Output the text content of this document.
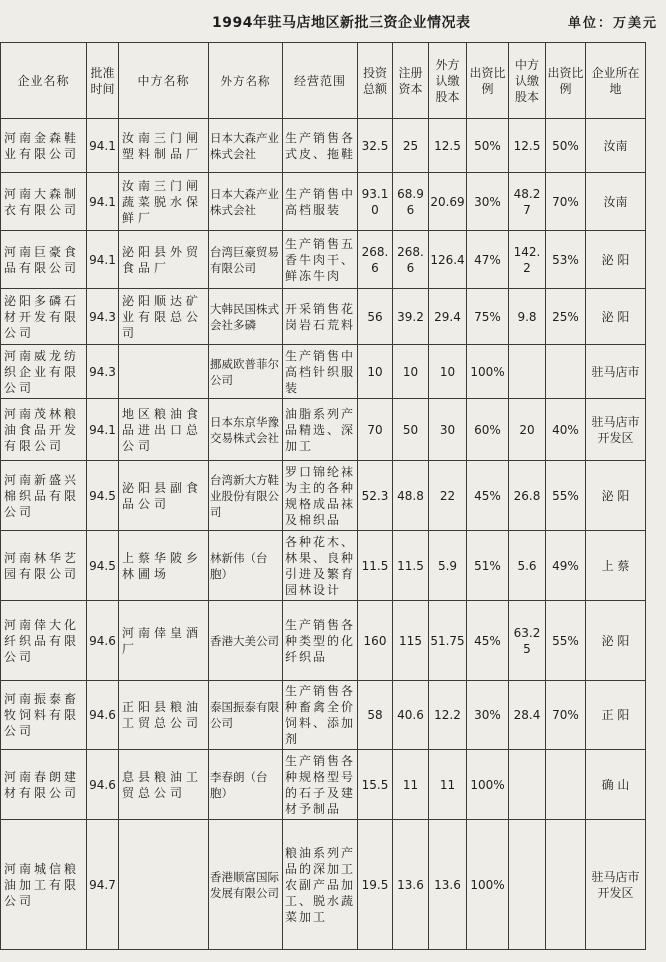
1994年驻马店地区新批三资企业情况表	单位：万美元
企业名称	批准时间	中方名称	外方名称	经营范围	投资总额	注册资本	外方认缴股本	出资比例	中方认缴股本	出资比例	企业所在地
河南金森鞋业有限公司	94.1	汝南三门闸塑料制品厂	日本大森产业株式会社	生产销售各式皮、拖鞋	32.5	25	12.5	50%	12.5	50%	汝南
河南大森制衣有限公司	94.1	汝南三门闸蔬菜脱水保鲜厂	日本大森产业株式会社	生产销售中高档服装	93.10	68.96	20.69	30%	48.27	70%	汝南
河南巨豪食品有限公司	94.1	泌阳县外贸食品厂	台湾巨豪贸易有限公司	生产销售五香牛肉干、鲜冻牛肉	268.6	268.6	126.4	47%	142.2	53%	泌 阳
泌阳多磷石材开发有限公司	94.3	泌阳顺达矿业有限总公司	大韩民国株式会社多磷	开采销售花岗岩石荒料	56	39.2	29.4	75%	9.8	25%	泌 阳
河南威龙纺织企业有限公司	94.3		挪威欧普菲尔公司	生产销售中高档针织服装	10	10	10	100%			驻马店市
河南茂林粮油食品开发有限公司	94.1	地区粮油食品进出口总公司	日本东京华豫交易株式会社	油脂系列产品精选、深加工	70	50	30	60%	20	40%	驻马店市开发区
河南新盛兴棉织品有限公司	94.5	泌阳县副食品公司	台湾新大方鞋业股份有限公司	罗口锦纶袜为主的各种规格成品袜及棉织品	52.3	48.8	22	45%	26.8	55%	泌 阳
河南林华艺园有限公司	94.5	上蔡华陂乡林圃场	林新伟（台胞）	各种花木、林果、良种引进及繁育园林设计	11.5	11.5	5.9	51%	5.6	49%	上 蔡
河南倖大化纤织品有限公司	94.6	河南倖皇酒厂	香港大美公司	生产销售各种类型的化纤织品	160	115	51.75	45%	63.25	55%	泌 阳
河南振泰畜牧饲料有限公司	94.6	正阳县粮油工贸总公司	泰国振泰有限公司	生产销售各种畜禽全价饲料、添加剂	58	40.6	12.2	30%	28.4	70%	正 阳
河南春朗建材有限公司	94.6	息县粮油工贸总公司	李春朗（台胞）	生产销售各种规格型号的石子及建材予制品	15.5	11	11	100%			确 山
河南城信粮油加工有限公司	94.7		香港顺富国际发展有限公司	粮油系列产品的深加工农副产品加工、脱水蔬菜加工	19.5	13.6	13.6	100%			驻马店市开发区
